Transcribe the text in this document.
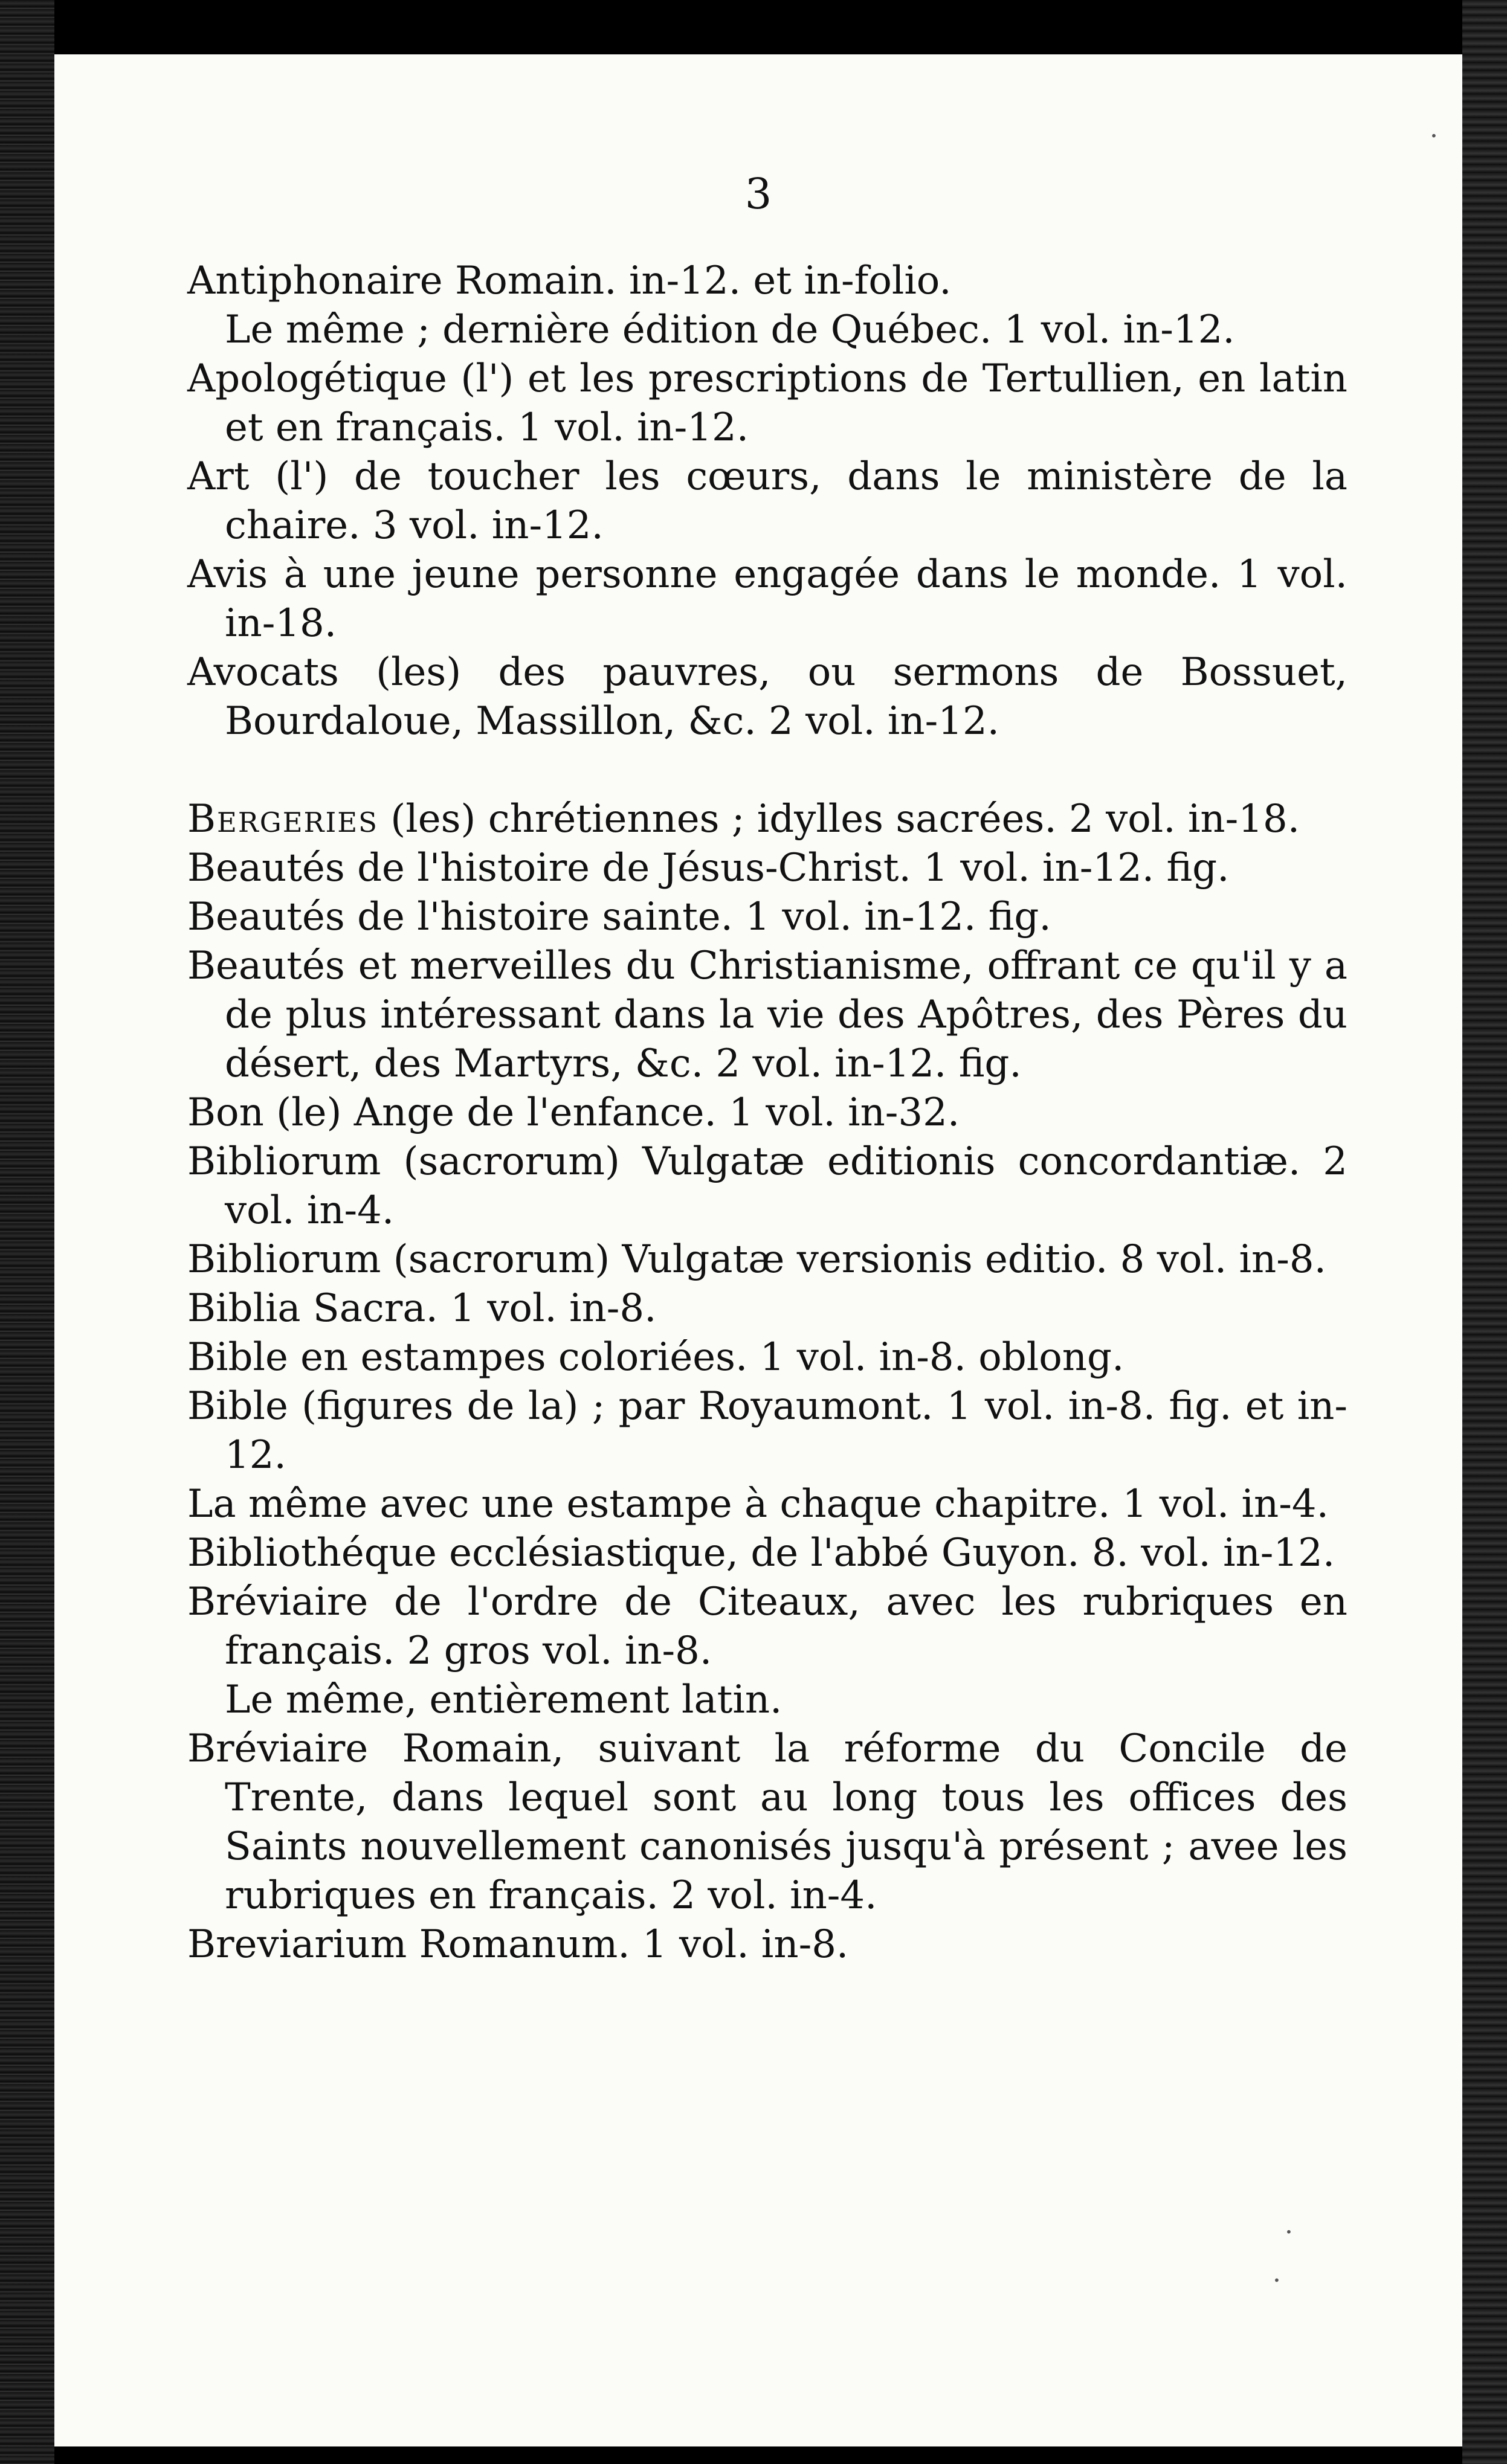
3
Antiphonaire Romain. in-12. et in-folio.
Le même ; dernière édition de Québec. 1 vol. in-12.
Apologétique (l') et les prescriptions de Tertullien, en latin et en français. 1 vol. in-12.
Art (l') de toucher les cœurs, dans le ministère de la chaire. 3 vol. in-12.
Avis à une jeune personne engagée dans le monde. 1 vol. in-18.
Avocats (les) des pauvres, ou sermons de Bossuet, Bourdaloue, Massillon, &c. 2 vol. in-12.
Bergeries (les) chrétiennes ; idylles sacrées. 2 vol. in-18.
Beautés de l'histoire de Jésus-Christ. 1 vol. in-12. fig.
Beautés de l'histoire sainte. 1 vol. in-12. fig.
Beautés et merveilles du Christianisme, offrant ce qu'il y a de plus intéressant dans la vie des Apôtres, des Pères du désert, des Martyrs, &c. 2 vol. in-12. fig.
Bon (le) Ange de l'enfance. 1 vol. in-32.
Bibliorum (sacrorum) Vulgatæ editionis concordantiæ. 2 vol. in-4.
Bibliorum (sacrorum) Vulgatæ versionis editio. 8 vol. in-8.
Biblia Sacra. 1 vol. in-8.
Bible en estampes coloriées. 1 vol. in-8. oblong.
Bible (figures de la) ; par Royaumont. 1 vol. in-8. fig. et in-12.
La même avec une estampe à chaque chapitre. 1 vol. in-4.
Bibliothéque ecclésiastique, de l'abbé Guyon. 8. vol. in-12.
Bréviaire de l'ordre de Citeaux, avec les rubriques en français. 2 gros vol. in-8.
Le même, entièrement latin.
Bréviaire Romain, suivant la réforme du Concile de Trente, dans lequel sont au long tous les offices des Saints nouvellement canonisés jusqu'à présent ; avee les rubriques en français. 2 vol. in-4.
Breviarium Romanum. 1 vol. in-8.
·
·
·
